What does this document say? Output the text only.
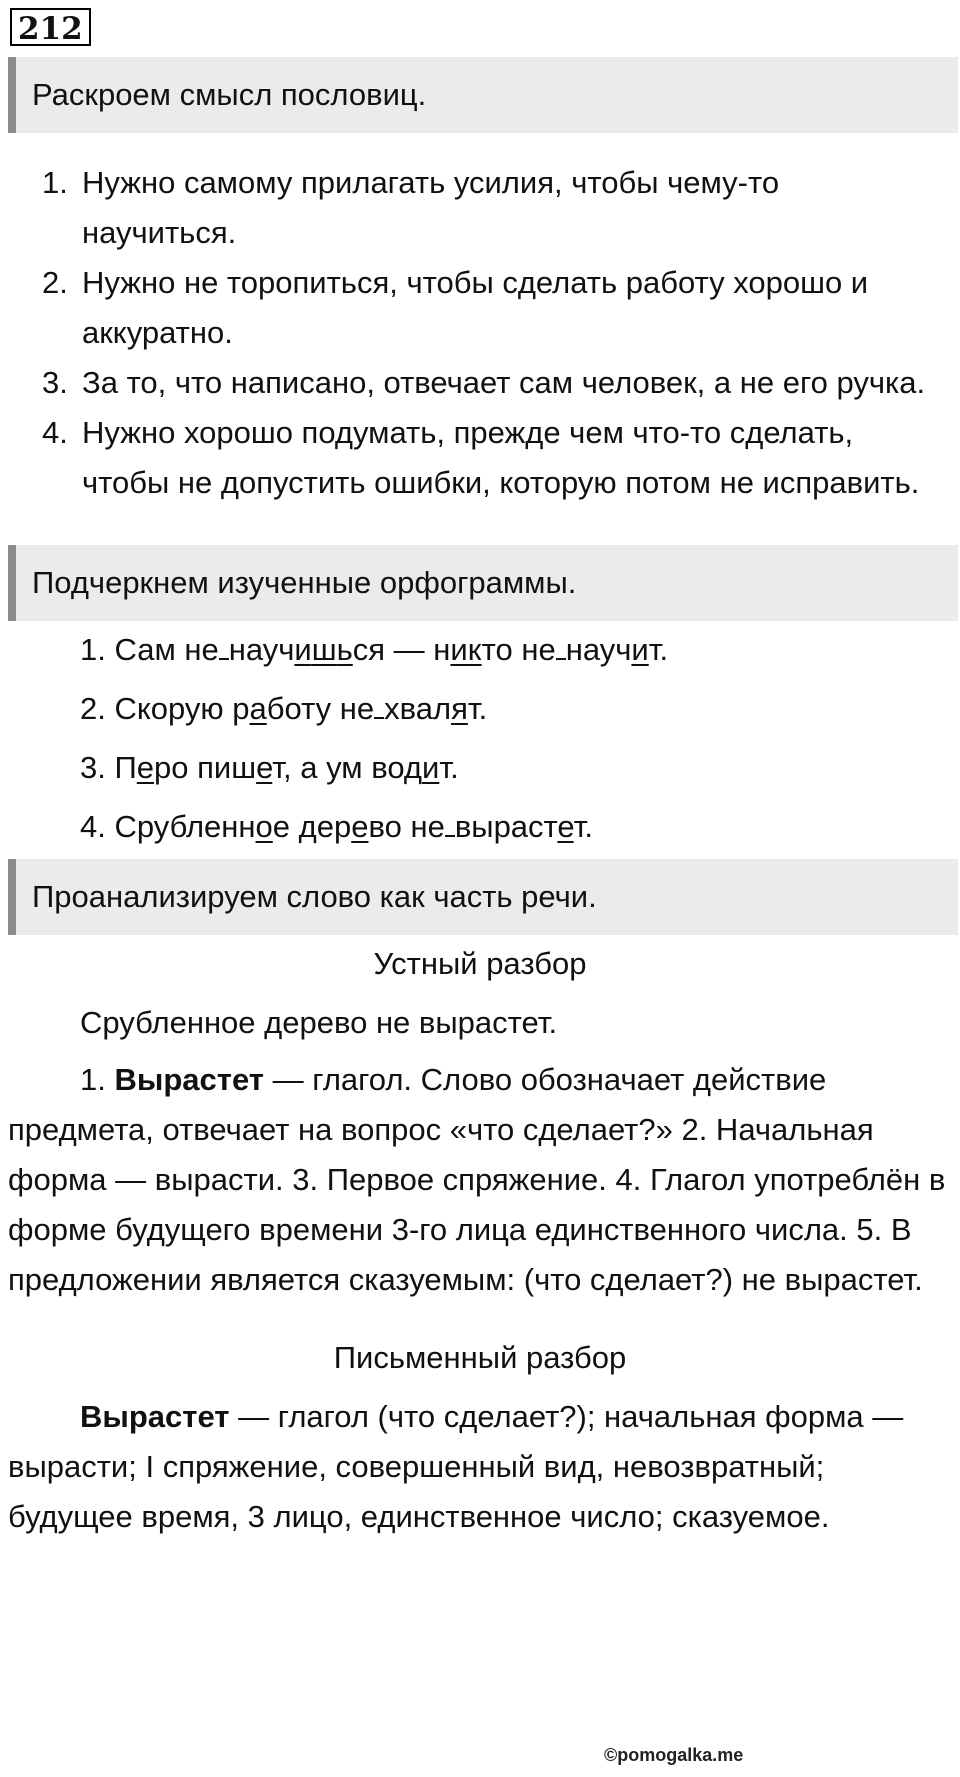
212
Раскроем смысл пословиц.
1. Нужно самому прилагать усилия, чтобы чему-то научиться.
2. Нужно не торопиться, чтобы сделать работу хорошо и аккуратно.
3. За то, что написано, отвечает сам человек, а не его ручка.
4. Нужно хорошо подумать, прежде чем что-то сделать, чтобы не допустить ошибки, которую потом не исправить.
Подчеркнем изученные орфограммы.
1. Сам не научишься — никто не научит.
2. Скорую работу не хвалят.
3. Перо пишет, а ум водит.
4. Срубленное дерево не вырастет.
Проанализируем слово как часть речи.
Устный разбор
Срубленное дерево не вырастет.
1. Вырастет — глагол. Слово обозначает действие предмета, отвечает на вопрос «что сделает?» 2. Начальная форма — вырасти. 3. Первое спряжение. 4. Глагол употреблён в форме будущего времени 3-го лица единственного числа. 5. В предложении является сказуемым: (что сделает?) не вырастет.
Письменный разбор
Вырастет — глагол (что сделает?); начальная форма — вырасти; I спряжение, совершенный вид, невозвратный; будущее время, 3 лицо, единственное число; сказуемое.
©pomogalka.me
